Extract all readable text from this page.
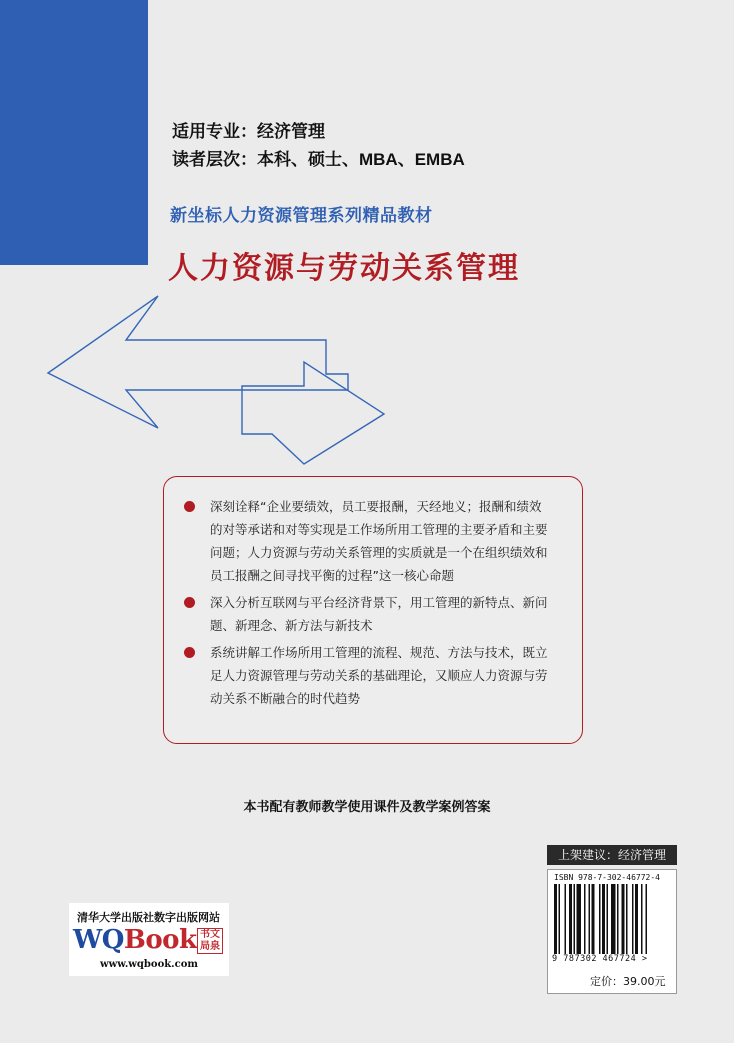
适用专业：经济管理
读者层次：本科、硕士、MBA、EMBA
新坐标人力资源管理系列精品教材
人力资源与劳动关系管理
深刻诠释“企业要绩效，员工要报酬，天经地义；报酬和绩效
的对等承诺和对等实现是工作场所用工管理的主要矛盾和主要
问题；人力资源与劳动关系管理的实质就是一个在组织绩效和
员工报酬之间寻找平衡的过程”这一核心命题
深入分析互联网与平台经济背景下，用工管理的新特点、新问
题、新理念、新方法与新技术
系统讲解工作场所用工管理的流程、规范、方法与技术，既立
足人力资源管理与劳动关系的基础理论，又顺应人力资源与劳
动关系不断融合的时代趋势
本书配有教师教学使用课件及教学案例答案
清华大学出版社数字出版网站
WQBook 书文
局泉
www.wqbook.com
上架建议：经济管理
ISBN 978-7-302-46772-4
9 787302 467724 >
定价：39.00元
